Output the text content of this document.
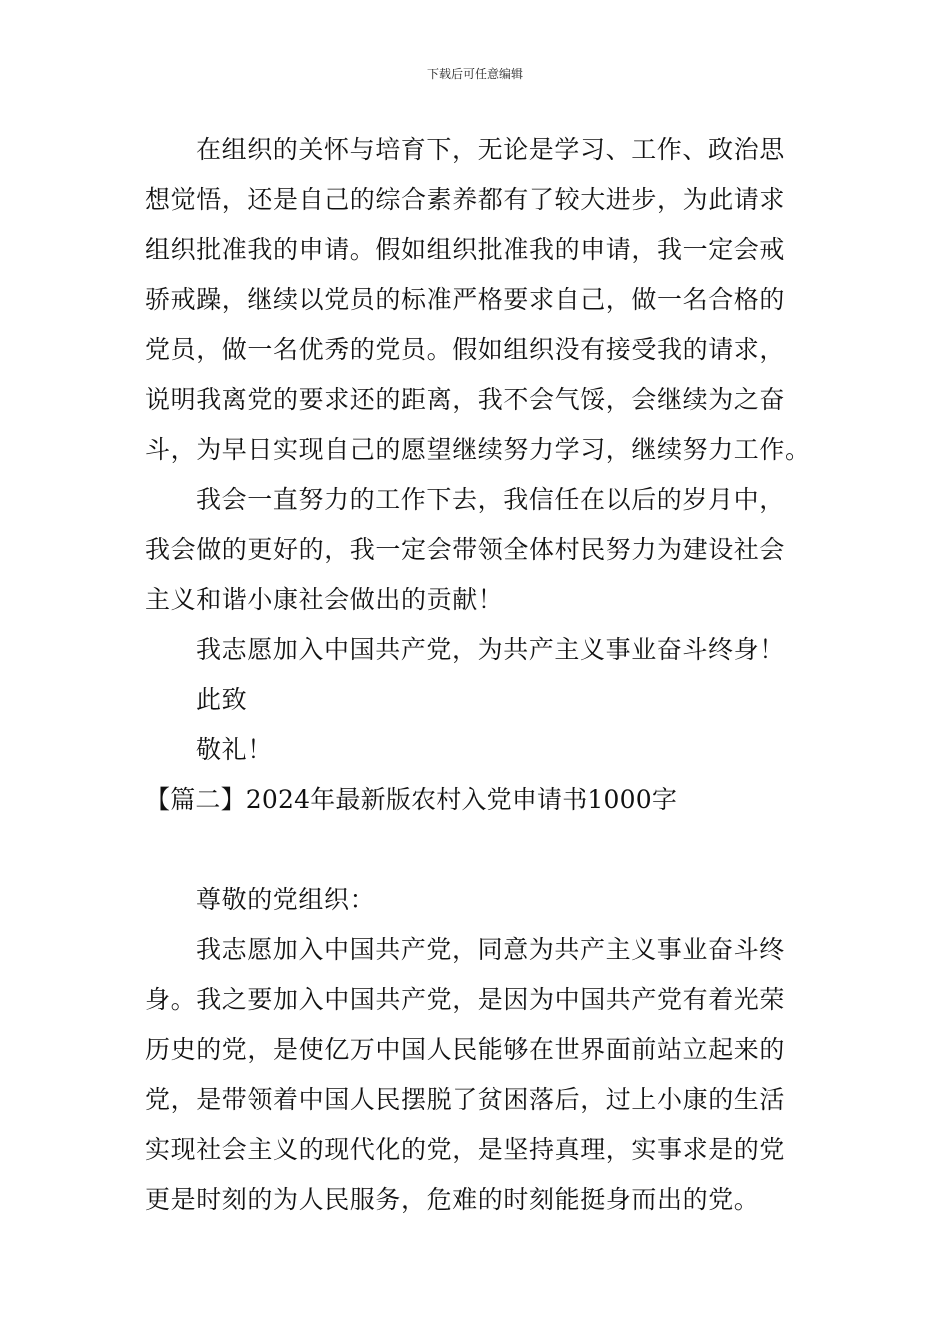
下载后可任意编辑
在组织的关怀与培育下，无论是学习、工作、政治思
想觉悟，还是自己的综合素养都有了较大进步，为此请求
组织批准我的申请。假如组织批准我的申请，我一定会戒
骄戒躁，继续以党员的标准严格要求自己，做一名合格的
党员，做一名优秀的党员。假如组织没有接受我的请求，
说明我离党的要求还的距离，我不会气馁，会继续为之奋
斗，为早日实现自己的愿望继续努力学习，继续努力工作。
我会一直努力的工作下去，我信任在以后的岁月中，
我会做的更好的，我一定会带领全体村民努力为建设社会
主义和谐小康社会做出的贡献！
我志愿加入中国共产党，为共产主义事业奋斗终身！
此致
敬礼！
【篇二】2024年最新版农村入党申请书1000字
尊敬的党组织：
我志愿加入中国共产党，同意为共产主义事业奋斗终
身。我之要加入中国共产党，是因为中国共产党有着光荣
历史的党，是使亿万中国人民能够在世界面前站立起来的
党，是带领着中国人民摆脱了贫困落后，过上小康的生活
实现社会主义的现代化的党，是坚持真理，实事求是的党
更是时刻的为人民服务，危难的时刻能挺身而出的党。
